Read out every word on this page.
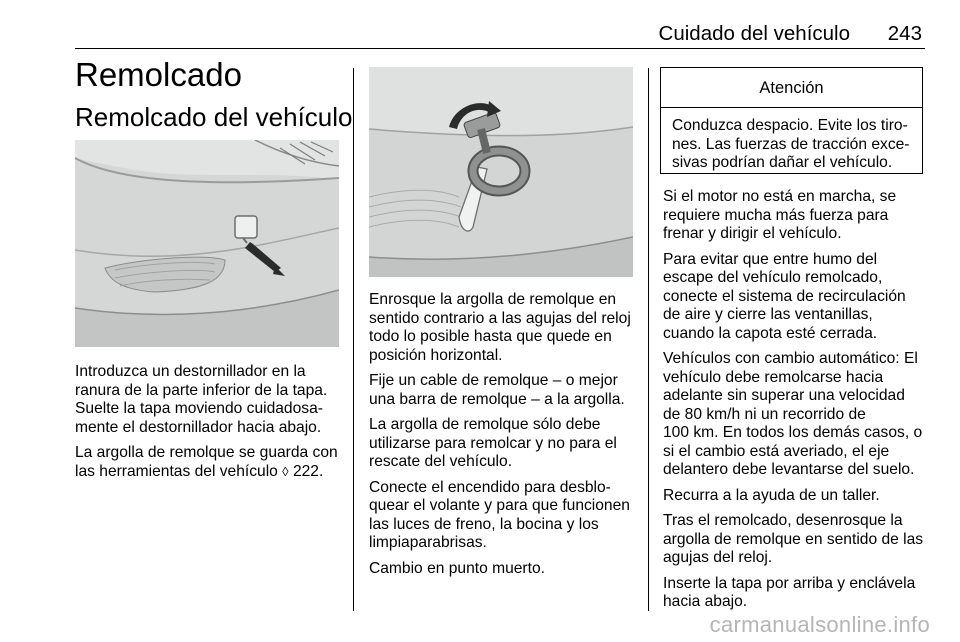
Cuidado del vehículo	243
Remolcado
Remolcado del vehículo

Introduzca un destornillador en la
ranura de la parte inferior de la tapa.
Suelte la tapa moviendo cuidadosa-
mente el destornillador hacia abajo.

La argolla de remolque se guarda con
las herramientas del vehículo ◊ 222.

Enrosque la argolla de remolque en
sentido contrario a las agujas del reloj
todo lo posible hasta que quede en
posición horizontal.

Fije un cable de remolque – o mejor
una barra de remolque – a la argolla.

La argolla de remolque sólo debe
utilizarse para remolcar y no para el
rescate del vehículo.

Conecte el encendido para desblo-
quear el volante y para que funcionen
las luces de freno, la bocina y los
limpiaparabrisas.

Cambio en punto muerto.

Atención
Conduzca despacio. Evite los tiro-
nes. Las fuerzas de tracción exce-
sivas podrían dañar el vehículo.

Si el motor no está en marcha, se
requiere mucha más fuerza para
frenar y dirigir el vehículo.

Para evitar que entre humo del
escape del vehículo remolcado,
conecte el sistema de recirculación
de aire y cierre las ventanillas,
cuando la capota esté cerrada.

Vehículos con cambio automático: El
vehículo debe remolcarse hacia
adelante sin superar una velocidad
de 80 km/h ni un recorrido de
100 km. En todos los demás casos, o
si el cambio está averiado, el eje
delantero debe levantarse del suelo.

Recurra a la ayuda de un taller.

Tras el remolcado, desenrosque la
argolla de remolque en sentido de las
agujas del reloj.

Inserte la tapa por arriba y enclávela
hacia abajo.

carmanualsonline.info
